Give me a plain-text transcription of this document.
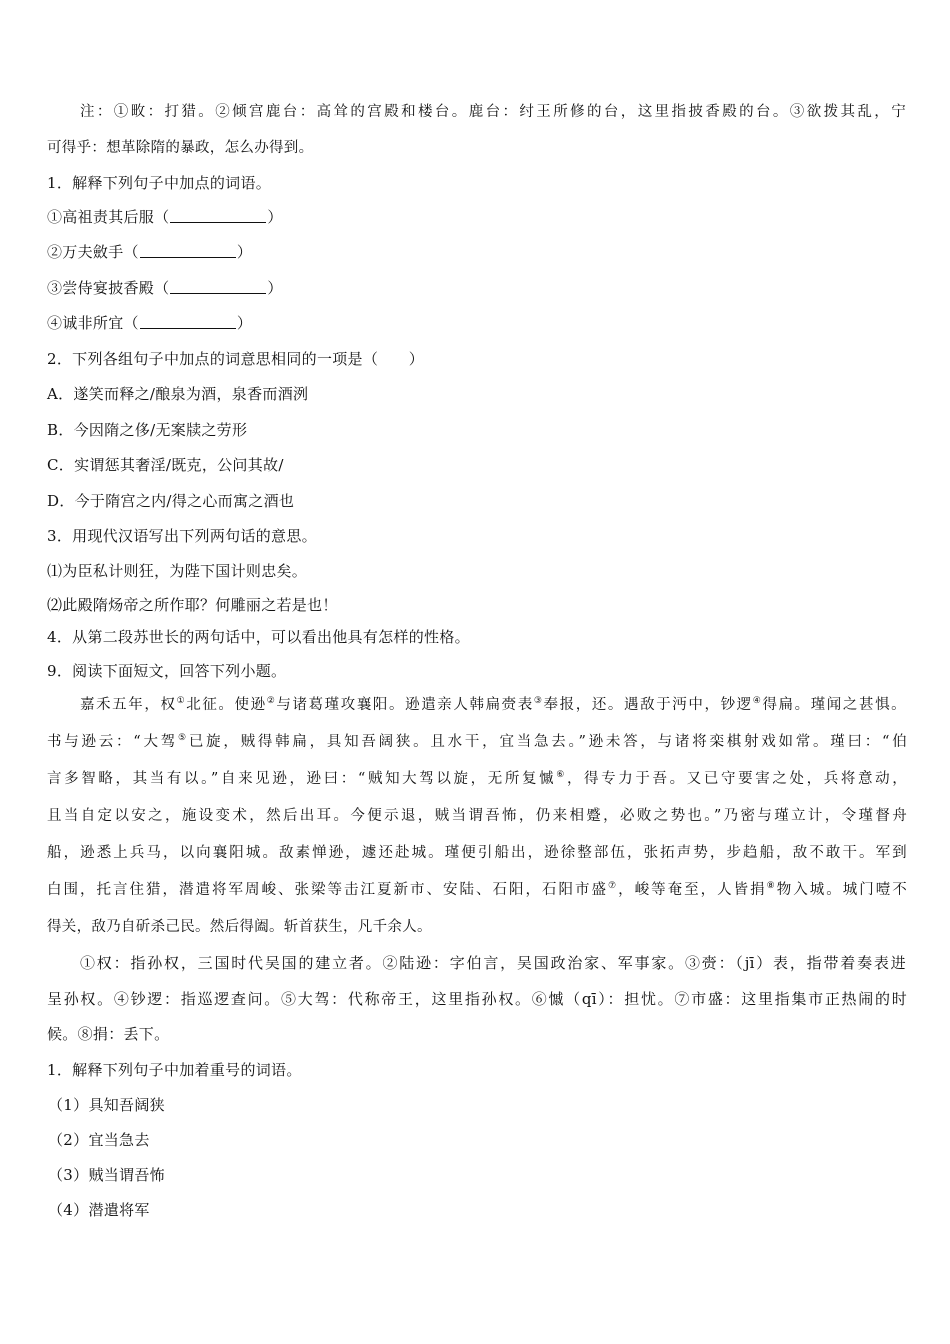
注：①畋：打猎。②倾宫鹿台：高耸的宫殿和楼台。鹿台：纣王所修的台，这里指披香殿的台。③欲拨其乱，宁
可得乎：想革除隋的暴政，怎么办得到。
1．解释下列句子中加点的词语。
①高祖责其后服（	）
②万夫斂手（	）
③尝侍宴披香殿（	）
④诚非所宜（	）
2．下列各组句子中加点的词意思相同的一项是（　　）
A．遂笑而释之/酿泉为酒，泉香而酒洌
B．今因隋之侈/无案牍之劳形
C．实谓惩其奢淫/既克，公问其故/
D．今于隋宫之内/得之心而寓之酒也
3．用现代汉语写出下列两句话的意思。
⑴为臣私计则狂，为陛下国计则忠矣。
⑵此殿隋炀帝之所作耶？何雕丽之若是也！
4．从第二段苏世长的两句话中，可以看出他具有怎样的性格。
9．阅读下面短文，回答下列小题。
嘉禾五年，权①北征。使逊②与诸葛瑾攻襄阳。逊遣亲人韩扁赍表③奉报，还。遇敌于沔中，钞逻④得扁。瑾闻之甚惧。
书与逊云：“大驾⑤已旋，贼得韩扁，具知吾阔狭。且水干，宜当急去。”逊未答，与诸将栾棋射戏如常。瑾曰：“伯
言多智略，其当有以。”自来见逊，逊曰：“贼知大驾以旋，无所复慽⑥，得专力于吾。又已守要害之处，兵将意动，
且当自定以安之，施设变术，然后出耳。今便示退，贼当谓吾怖，仍来相蹙，必败之势也。”乃密与瑾立计，令瑾督舟
船，逊悉上兵马，以向襄阳城。敌素惮逊，遽还赴城。瑾便引船出，逊徐整部伍，张拓声势，步趋船，敌不敢干。军到
白围，托言住猎，潜遣将军周峻、张梁等击江夏新市、安陆、石阳，石阳市盛⑦，峻等奄至，人皆捐⑧物入城。城门噎不
得关，敌乃自斫杀己民。然后得阖。斩首获生，凡千余人。
①权：指孙权，三国时代吴国的建立者。②陆逊：字伯言，吴国政治家、军事家。③赍：（jī）表，指带着奏表进
呈孙权。④钞逻：指巡逻查问。⑤大驾：代称帝王，这里指孙权。⑥慽（qī）：担忧。⑦市盛：这里指集市正热闹的时
候。⑧捐：丢下。
1．解释下列句子中加着重号的词语。
（1）具知吾阔狭
（2）宜当急去
（3）贼当谓吾怖
（4）潜遣将军
